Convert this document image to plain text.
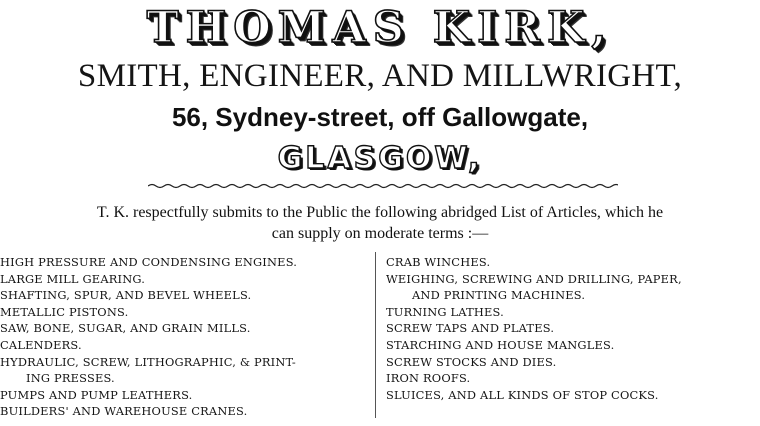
THOMAS KIRK,
SMITH, ENGINEER, AND MILLWRIGHT,
56, Sydney-street, off Gallowgate,
GLASGOW,
T. K. respectfully submits to the Public the following abridged List of Articles, which he
can supply on moderate terms :—
HIGH PRESSURE AND CONDENSING ENGINES.
LARGE MILL GEARING.
SHAFTING, SPUR, AND BEVEL WHEELS.
METALLIC PISTONS.
SAW, BONE, SUGAR, AND GRAIN MILLS.
CALENDERS.
HYDRAULIC, SCREW, LITHOGRAPHIC, & PRINT-
ING PRESSES.
PUMPS AND PUMP LEATHERS.
BUILDERS' AND WAREHOUSE CRANES.
CRAB WINCHES.
WEIGHING, SCREWING AND DRILLING, PAPER,
AND PRINTING MACHINES.
TURNING LATHES.
SCREW TAPS AND PLATES.
STARCHING AND HOUSE MANGLES.
SCREW STOCKS AND DIES.
IRON ROOFS.
SLUICES, AND ALL KINDS OF STOP COCKS.
